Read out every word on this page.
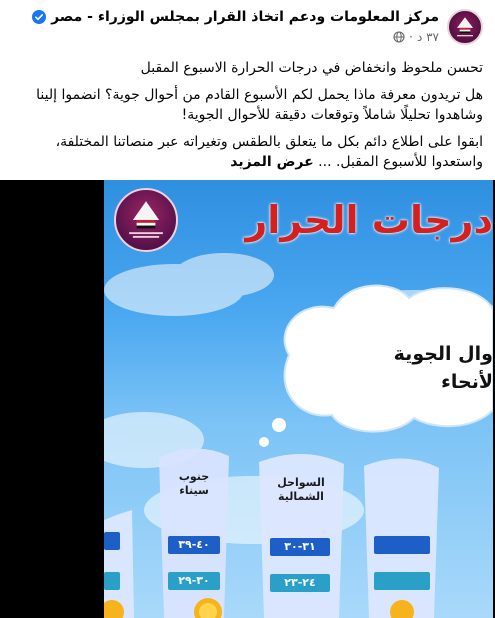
مركز المعلومات ودعم اتخاذ القرار بمجلس الوزراء - مصر
٣٧ د
·

تحسن ملحوظ وانخفاض في درجات الحرارة الاسبوع المقبل

هل تريدون معرفة ماذا يحمل لكم الأسبوع القادم من أحوال جوية؟ انضموا إلينا وشاهدوا تحليلًا شاملاً وتوقعات دقيقة للأحوال الجوية!

ابقوا على اطلاع دائم بكل ما يتعلق بالطقس وتغيراته عبر منصاتنا المختلفة، واستعدوا للأسبوع المقبل. ... عرض المزيد

درجات الحرار
وال الجوية
لأنحاء
جنوب
سيناء
٤٠-٣٩
٣٠-٢٩
السواحل
الشمالية
٣١-٣٠
٢٤-٢٣
